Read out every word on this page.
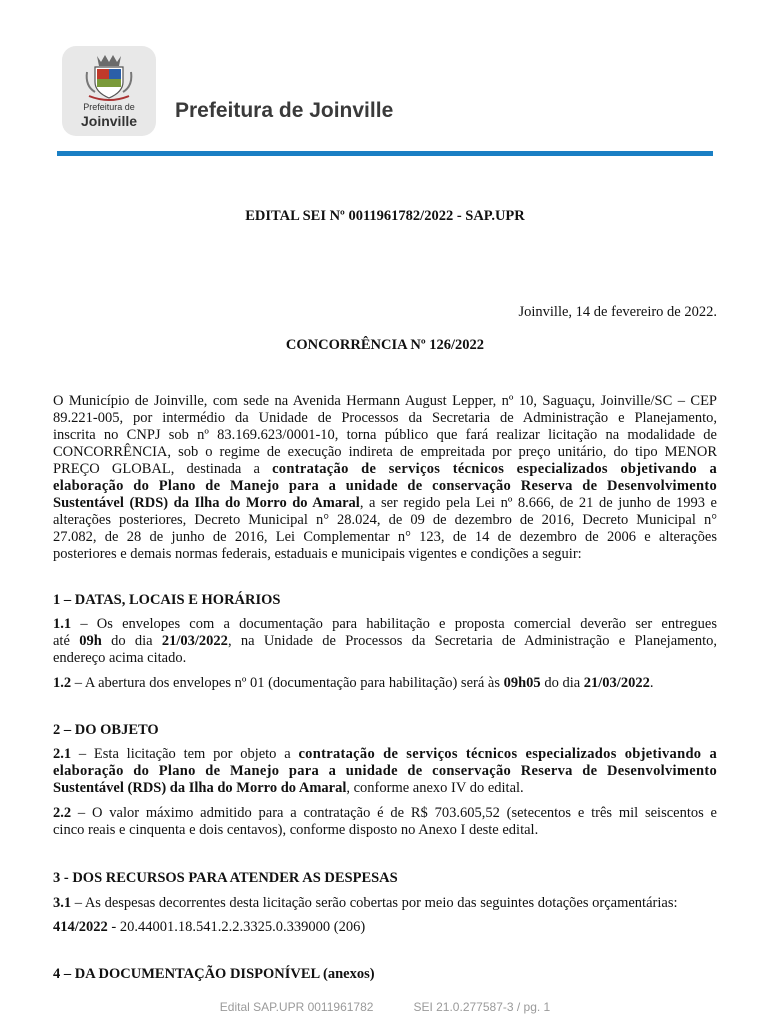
Prefeitura de
Joinville	Prefeitura de Joinville
EDITAL SEI Nº 0011961782/2022 - SAP.UPR
Joinville, 14 de fevereiro de 2022.
CONCORRÊNCIA Nº 126/2022
O Município de Joinville, com sede na Avenida Hermann August Lepper, nº 10, Saguaçu, Joinville/SC – CEP
89.221-005, por intermédio da Unidade de Processos da Secretaria de Administração e Planejamento,
inscrita no CNPJ sob nº 83.169.623/0001-10, torna público que fará realizar licitação na modalidade de
CONCORRÊNCIA, sob o regime de execução indireta de empreitada por preço unitário, do tipo MENOR
PREÇO GLOBAL, destinada a contratação de serviços técnicos especializados objetivando a
elaboração do Plano de Manejo para a unidade de conservação Reserva de Desenvolvimento
Sustentável (RDS) da Ilha do Morro do Amaral, a ser regido pela Lei nº 8.666, de 21 de junho de 1993 e
alterações posteriores, Decreto Municipal n° 28.024, de 09 de dezembro de 2016, Decreto Municipal n°
27.082, de 28 de junho de 2016, Lei Complementar n° 123, de 14 de dezembro de 2006 e alterações
posteriores e demais normas federais, estaduais e municipais vigentes e condições a seguir:
1 – DATAS, LOCAIS E HORÁRIOS
1.1 – Os envelopes com a documentação para habilitação e proposta comercial deverão ser entregues
até 09h do dia 21/03/2022, na Unidade de Processos da Secretaria de Administração e Planejamento,
endereço acima citado.
1.2 – A abertura dos envelopes nº 01 (documentação para habilitação) será às 09h05 do dia 21/03/2022.
2 – DO OBJETO
2.1 – Esta licitação tem por objeto a contratação de serviços técnicos especializados objetivando a
elaboração do Plano de Manejo para a unidade de conservação Reserva de Desenvolvimento
Sustentável (RDS) da Ilha do Morro do Amaral, conforme anexo IV do edital.
2.2 – O valor máximo admitido para a contratação é de R$ 703.605,52 (setecentos e três mil seiscentos e
cinco reais e cinquenta e dois centavos), conforme disposto no Anexo I deste edital.
3 - DOS RECURSOS PARA ATENDER AS DESPESAS
3.1 – As despesas decorrentes desta licitação serão cobertas por meio das seguintes dotações orçamentárias:
414/2022 - 20.44001.18.541.2.2.3325.0.339000 (206)
4 – DA DOCUMENTAÇÃO DISPONÍVEL (anexos)
Edital SAP.UPR 0011961782	SEI 21.0.277587-3 / pg. 1
